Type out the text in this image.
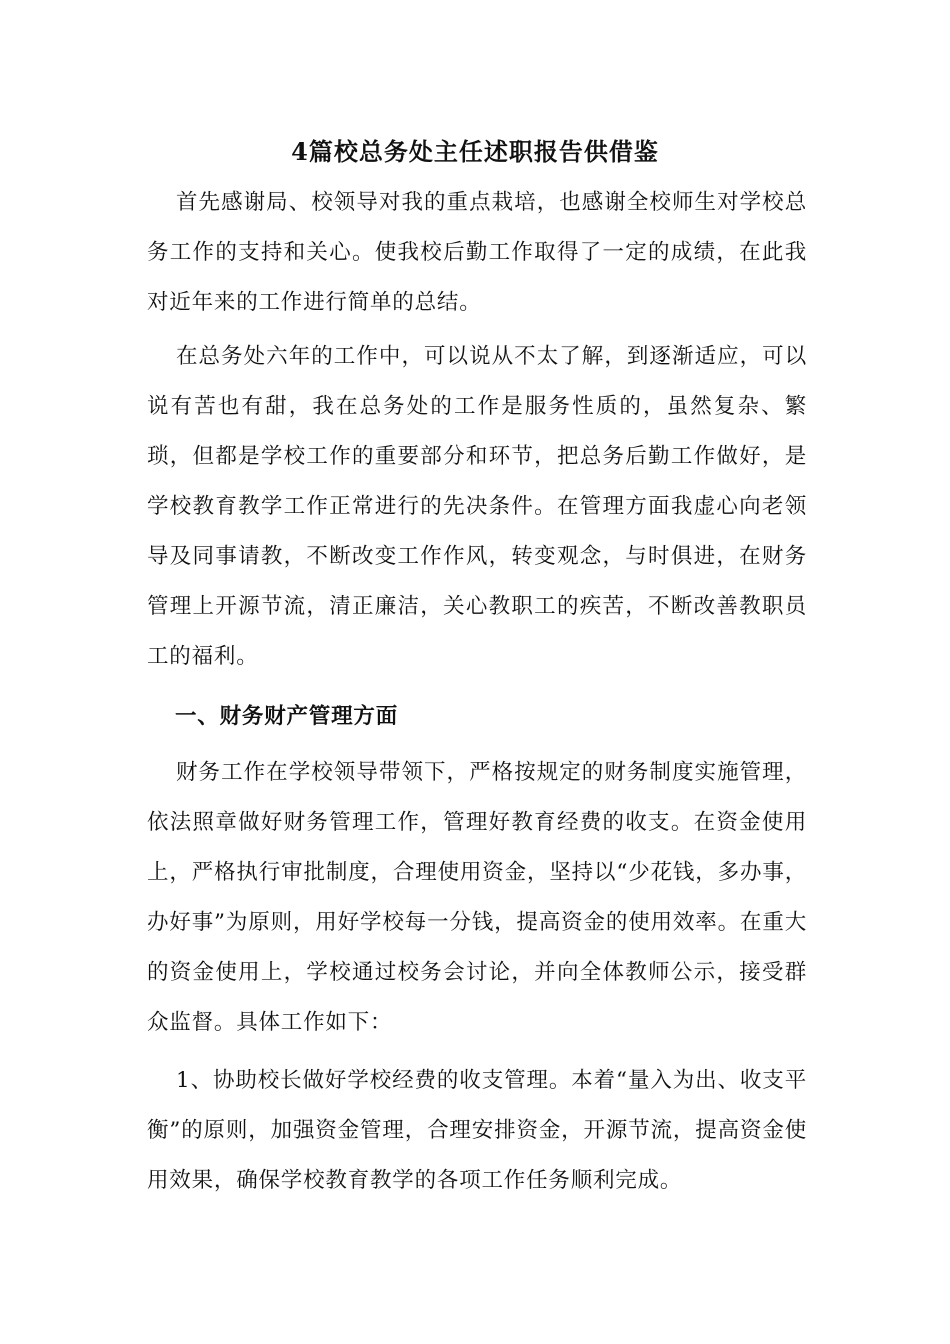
4篇校总务处主任述职报告供借鉴

首先感谢局、校领导对我的重点栽培，也感谢全校师生对学校总务工作的支持和关心。使我校后勤工作取得了一定的成绩，在此我对近年来的工作进行简单的总结。

在总务处六年的工作中，可以说从不太了解，到逐渐适应，可以说有苦也有甜，我在总务处的工作是服务性质的，虽然复杂、繁琐，但都是学校工作的重要部分和环节，把总务后勤工作做好，是学校教育教学工作正常进行的先决条件。在管理方面我虚心向老领导及同事请教，不断改变工作作风，转变观念，与时俱进，在财务管理上开源节流，清正廉洁，关心教职工的疾苦，不断改善教职员工的福利。

一、财务财产管理方面

财务工作在学校领导带领下，严格按规定的财务制度实施管理，依法照章做好财务管理工作，管理好教育经费的收支。在资金使用上，严格执行审批制度，合理使用资金，坚持以“少花钱，多办事，办好事”为原则，用好学校每一分钱，提高资金的使用效率。在重大的资金使用上，学校通过校务会讨论，并向全体教师公示，接受群众监督。具体工作如下：

1、协助校长做好学校经费的收支管理。本着“量入为出、收支平衡”的原则，加强资金管理，合理安排资金，开源节流，提高资金使用效果，确保学校教育教学的各项工作任务顺利完成。
